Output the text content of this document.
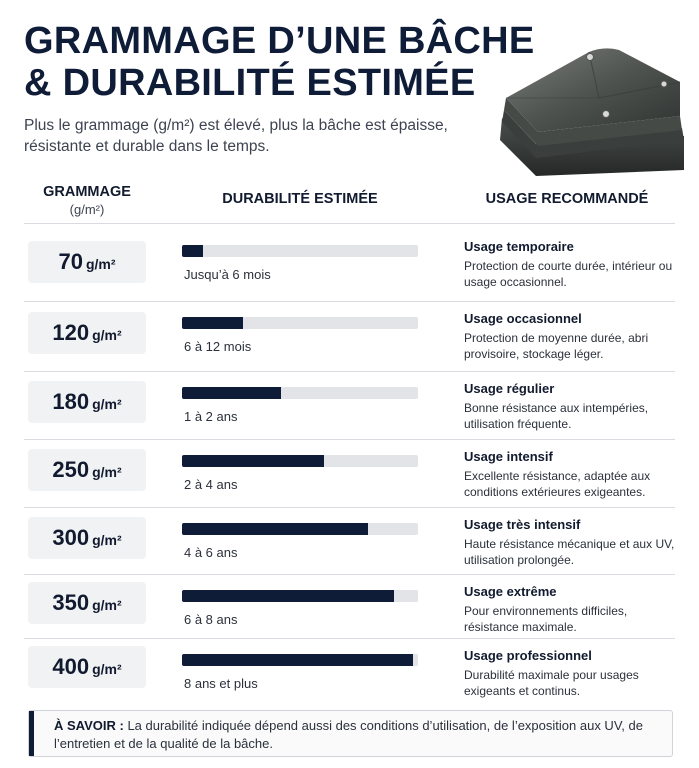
GRAMMAGE D’UNE BÂCHE
& DURABILITÉ ESTIMÉE
Plus le grammage (g/m²) est élevé, plus la bâche est épaisse, résistante et durable dans le temps.
GRAMMAGE
(g/m²)
DURABILITÉ ESTIMÉE	USAGE RECOMMANDÉ
70 g/m²
Jusqu’à 6 mois
Usage temporaire
Protection de courte durée, intérieur ou usage occasionnel.
120 g/m²
6 à 12 mois
Usage occasionnel
Protection de moyenne durée, abri provisoire, stockage léger.
180 g/m²
1 à 2 ans
Usage régulier
Bonne résistance aux intempéries, utilisation fréquente.
250 g/m²
2 à 4 ans
Usage intensif
Excellente résistance, adaptée aux conditions extérieures exigeantes.
300 g/m²
4 à 6 ans
Usage très intensif
Haute résistance mécanique et aux UV, utilisation prolongée.
350 g/m²
6 à 8 ans
Usage extrême
Pour environnements difficiles, résistance maximale.
400 g/m²
8 ans et plus
Usage professionnel
Durabilité maximale pour usages exigeants et continus.
À SAVOIR : La durabilité indiquée dépend aussi des conditions d’utilisation, de l’exposition aux UV, de l’entretien et de la qualité de la bâche.
